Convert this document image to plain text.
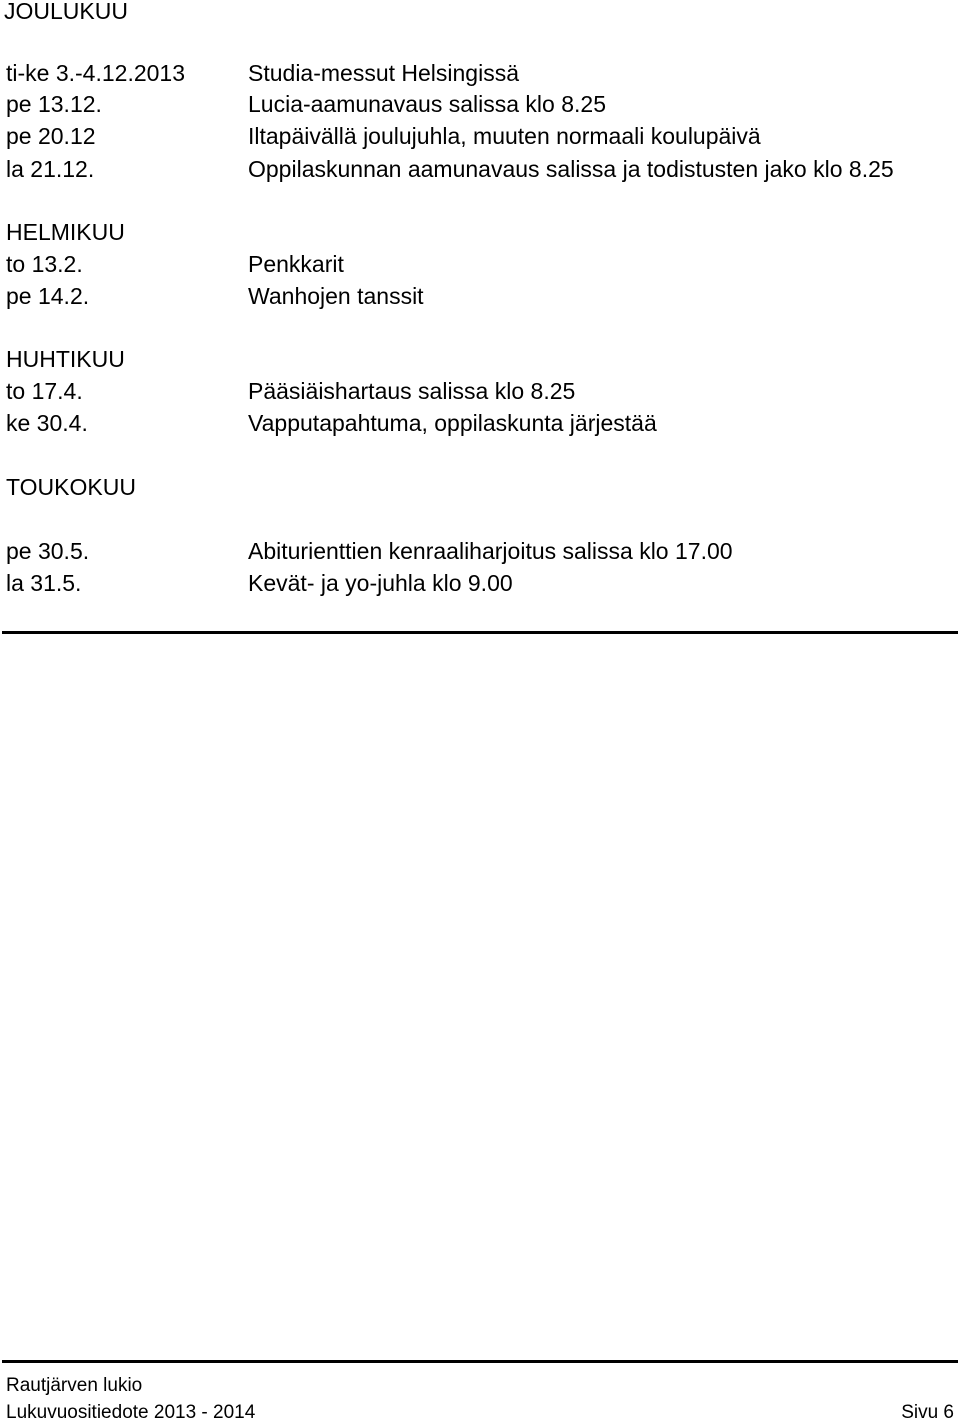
JOULUKUU
ti-ke 3.-4.12.2013	Studia-messut Helsingissä
pe 13.12.	Lucia-aamunavaus salissa klo 8.25
pe 20.12	Iltapäivällä joulujuhla, muuten normaali koulupäivä
la 21.12.	Oppilaskunnan aamunavaus salissa ja todistusten jako klo 8.25
HELMIKUU
to 13.2.	Penkkarit
pe 14.2.	Wanhojen tanssit
HUHTIKUU
to 17.4.	Pääsiäishartaus salissa klo 8.25
ke 30.4.	Vapputapahtuma, oppilaskunta järjestää
TOUKOKUU
pe 30.5.	Abiturienttien kenraaliharjoitus salissa klo 17.00
la 31.5.	Kevät- ja yo-juhla klo 9.00
Rautjärven lukio
Lukuvuositiedote 2013 - 2014	Sivu 6
